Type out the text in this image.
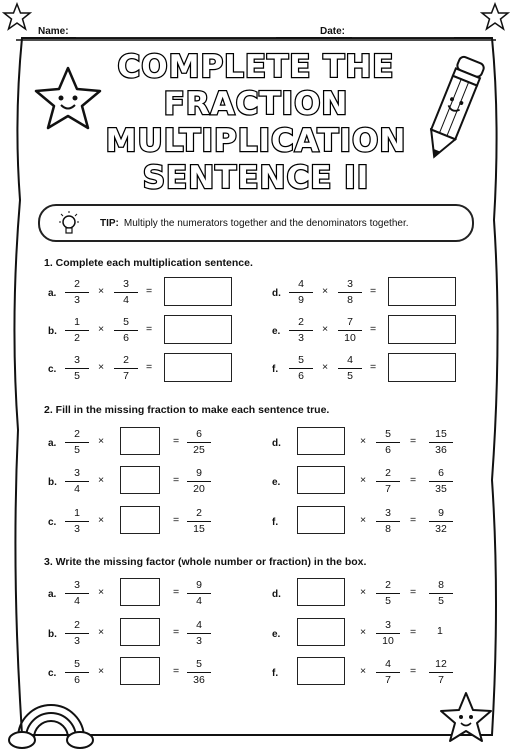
Name:	Date:
COMPLETE THE
FRACTION
MULTIPLICATION
SENTENCE II
TIP: Multiply the numerators together and the denominators together.
1. Complete each multiplication sentence.
2. Fill in the missing fraction to make each sentence true.
3. Write the missing factor (whole number or fraction) in the box.
a. $\frac{2}{3} \times \frac{3}{4}$ =
b. $\frac{1}{2} \times \frac{5}{6}$ =
c. $\frac{3}{5} \times \frac{2}{7}$ =
d. $\frac{4}{9} \times \frac{3}{8}$ =
e. $\frac{2}{3} \times \frac{7}{10}$ =
f. $\frac{5}{6} \times \frac{4}{5}$ =
a. $\frac{2}{5}$ ×	= $\frac{6}{25}$
b. $\frac{3}{4}$ ×	= $\frac{9}{20}$
c. $\frac{1}{3}$ ×	= $\frac{2}{15}$
d.	× $\frac{5}{6} = \frac{15}{36}$
e.	× $\frac{2}{7} = \frac{6}{35}$
f.	× $\frac{3}{8} = \frac{9}{32}$
a. $\frac{3}{4}$ ×	= $\frac{9}{4}$
b. $\frac{2}{3}$ ×	= $\frac{4}{3}$
c. $\frac{5}{6}$ ×	= $\frac{5}{36}$
d.	× $\frac{2}{5} = \frac{8}{5}$
e.	× $\frac{3}{10} = 1$
f.	× $\frac{4}{7} = \frac{12}{7}$
